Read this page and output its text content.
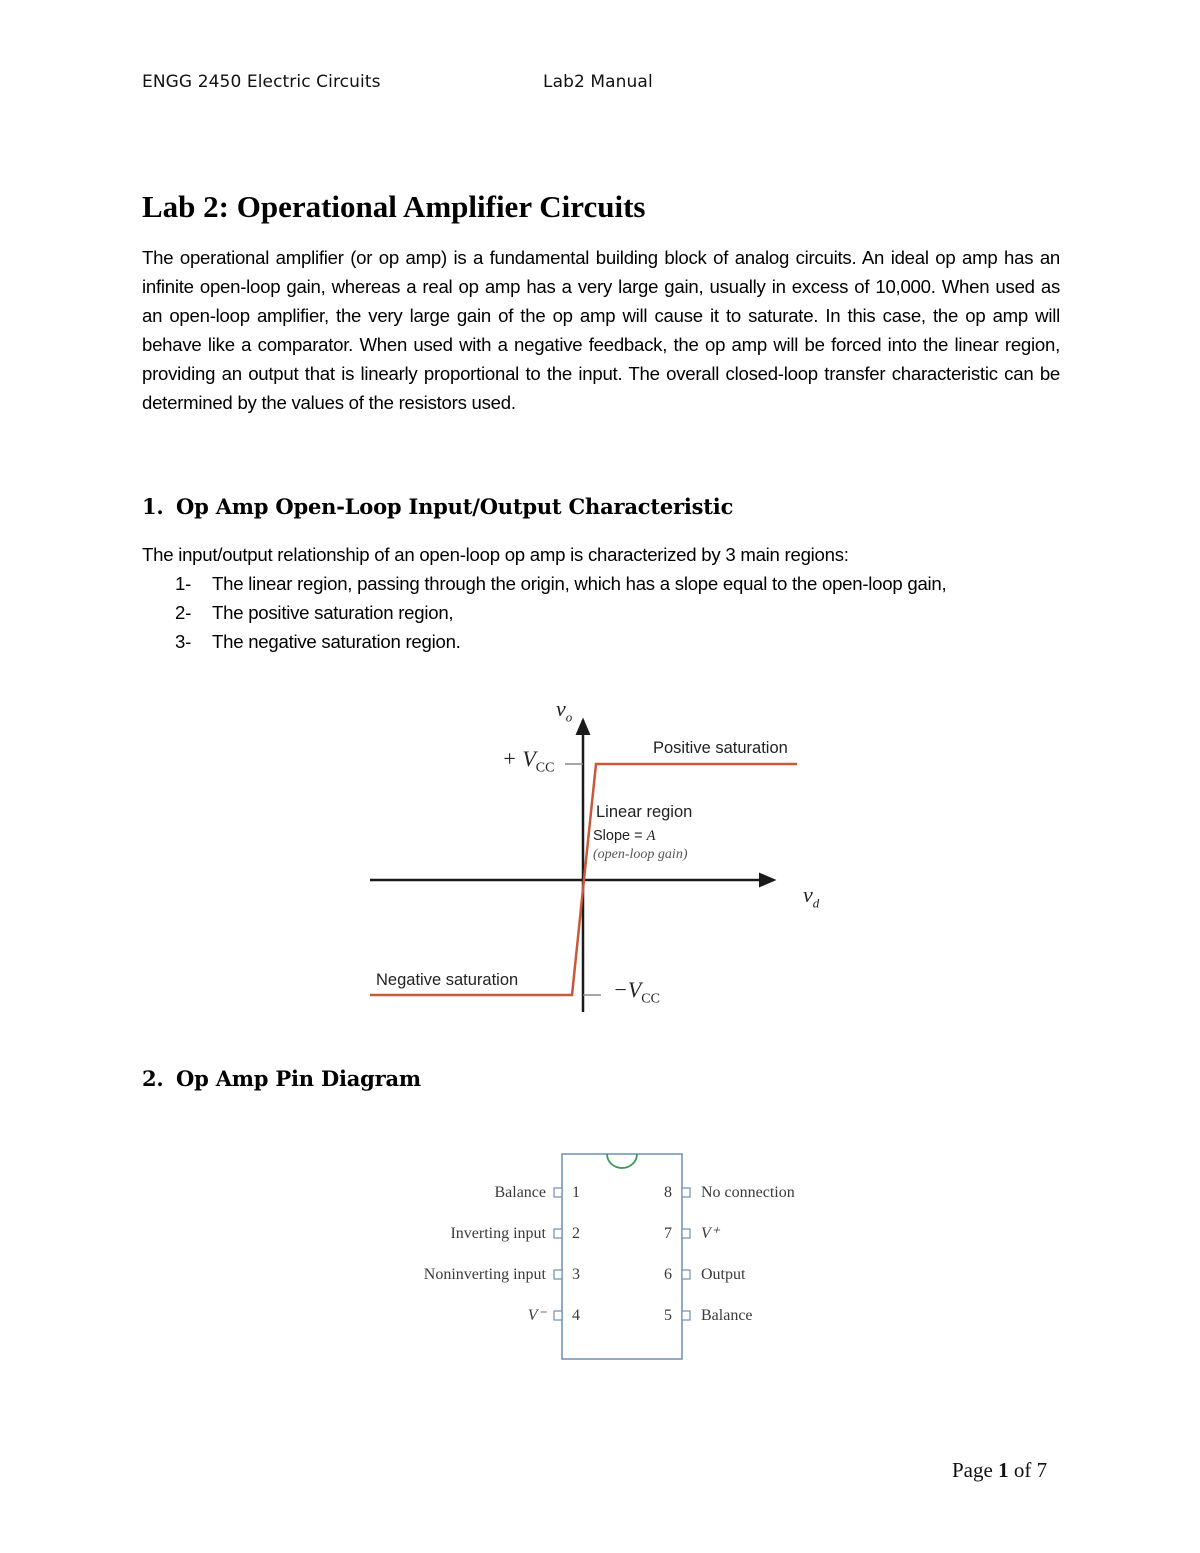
ENGG 2450 Electric Circuits	Lab2 Manual
Lab 2: Operational Amplifier Circuits

The operational amplifier (or op amp) is a fundamental building block of analog circuits. An ideal op amp has an infinite open-loop gain, whereas a real op amp has a very large gain, usually in excess of 10,000. When used as an open-loop amplifier, the very large gain of the op amp will cause it to saturate. In this case, the op amp will behave like a comparator. When used with a negative feedback, the op amp will be forced into the linear region, providing an output that is linearly proportional to the input. The overall closed-loop transfer characteristic can be determined by the values of the resistors used.

1. Op Amp Open-Loop Input/Output Characteristic

The input/output relationship of an open-loop op amp is characterized by 3 main regions:

1- The linear region, passing through the origin, which has a slope equal to the open-loop gain,
2- The positive saturation region,
3- The negative saturation region.
$v_o$
+ $V_{CC}$
Positive saturation
Linear region
Slope = A
(open-loop gain)
$v_d$
Negative saturation	$-V_{CC}$
2. Op Amp Pin Diagram
Balance
Inverting input
Noninverting input
V⁻
1
2
3
4
8
7
6
5
No connection
V⁺
Output
Balance
Page 1 of 7
